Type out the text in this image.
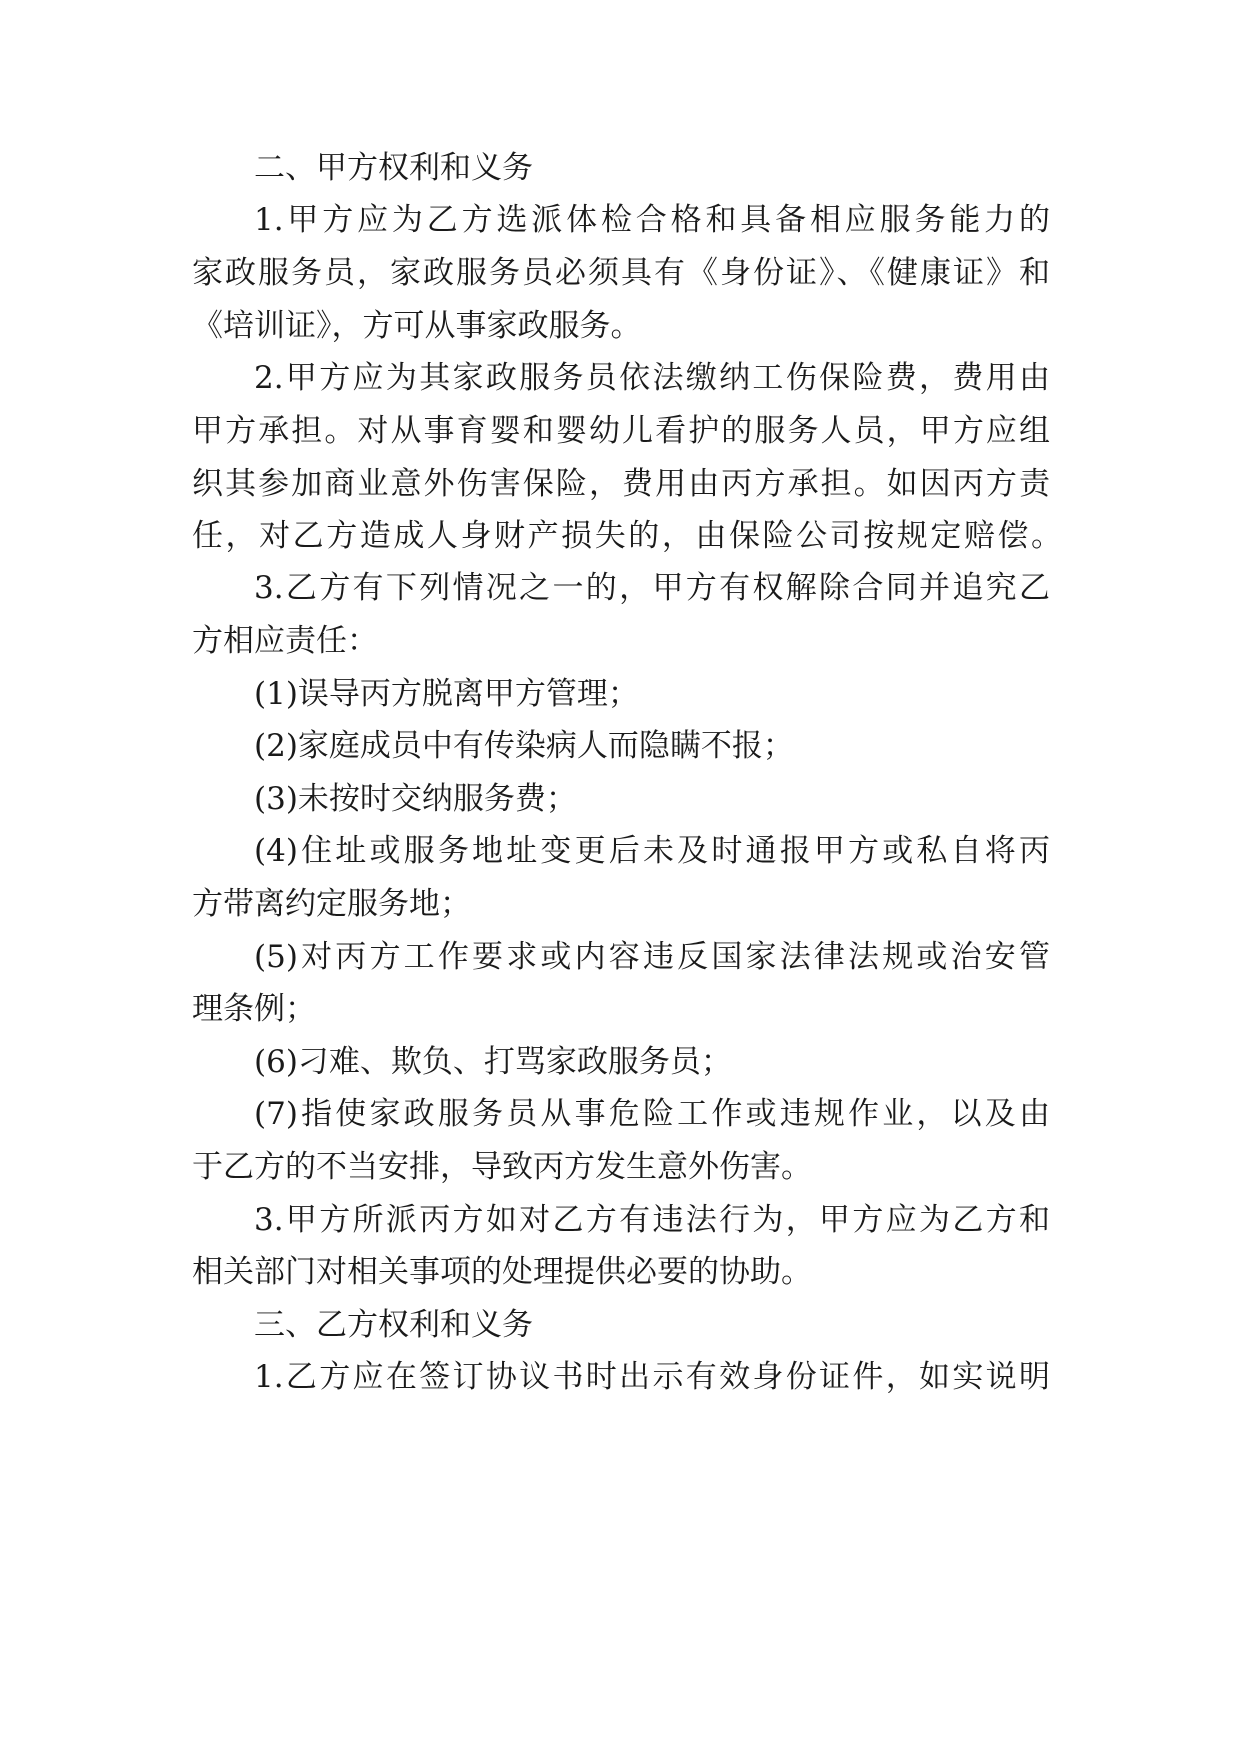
二、甲方权利和义务
1.甲方应为乙方选派体检合格和具备相应服务能力的
家政服务员，家政服务员必须具有《身份证》、《健康证》和
《培训证》，方可从事家政服务。
2.甲方应为其家政服务员依法缴纳工伤保险费，费用由
甲方承担。对从事育婴和婴幼儿看护的服务人员，甲方应组
织其参加商业意外伤害保险，费用由丙方承担。如因丙方责
任，对乙方造成人身财产损失的，由保险公司按规定赔偿。
3.乙方有下列情况之一的，甲方有权解除合同并追究乙
方相应责任：
(1)误导丙方脱离甲方管理；
(2)家庭成员中有传染病人而隐瞒不报；
(3)未按时交纳服务费；
(4)住址或服务地址变更后未及时通报甲方或私自将丙
方带离约定服务地；
(5)对丙方工作要求或内容违反国家法律法规或治安管
理条例；
(6)刁难、欺负、打骂家政服务员；
(7)指使家政服务员从事危险工作或违规作业，以及由
于乙方的不当安排，导致丙方发生意外伤害。
3.甲方所派丙方如对乙方有违法行为，甲方应为乙方和
相关部门对相关事项的处理提供必要的协助。
三、乙方权利和义务
1.乙方应在签订协议书时出示有效身份证件，如实说明
